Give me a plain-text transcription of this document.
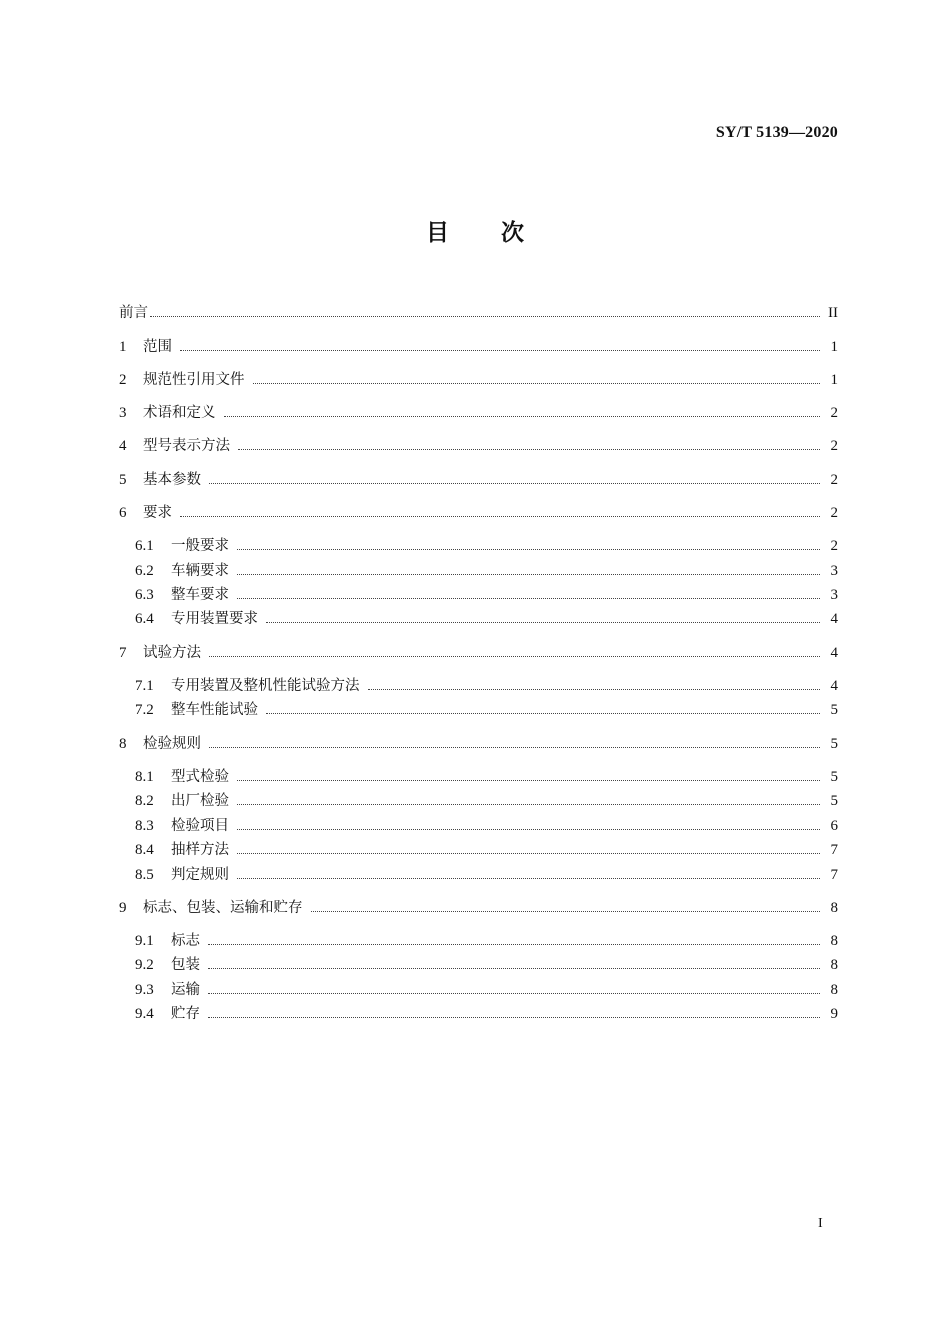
SY/T 5139—2020
目 次
前言	II
1	范围	1
2	规范性引用文件	1
3	术语和定义	2
4	型号表示方法	2
5	基本参数	2
6	要求	2
6.1	一般要求	2
6.2	车辆要求	3
6.3	整车要求	3
6.4	专用装置要求	4
7	试验方法	4
7.1	专用装置及整机性能试验方法	4
7.2	整车性能试验	5
8	检验规则	5
8.1	型式检验	5
8.2	出厂检验	5
8.3	检验项目	6
8.4	抽样方法	7
8.5	判定规则	7
9	标志、包装、运输和贮存	8
9.1	标志	8
9.2	包装	8
9.3	运输	8
9.4	贮存	9
I
